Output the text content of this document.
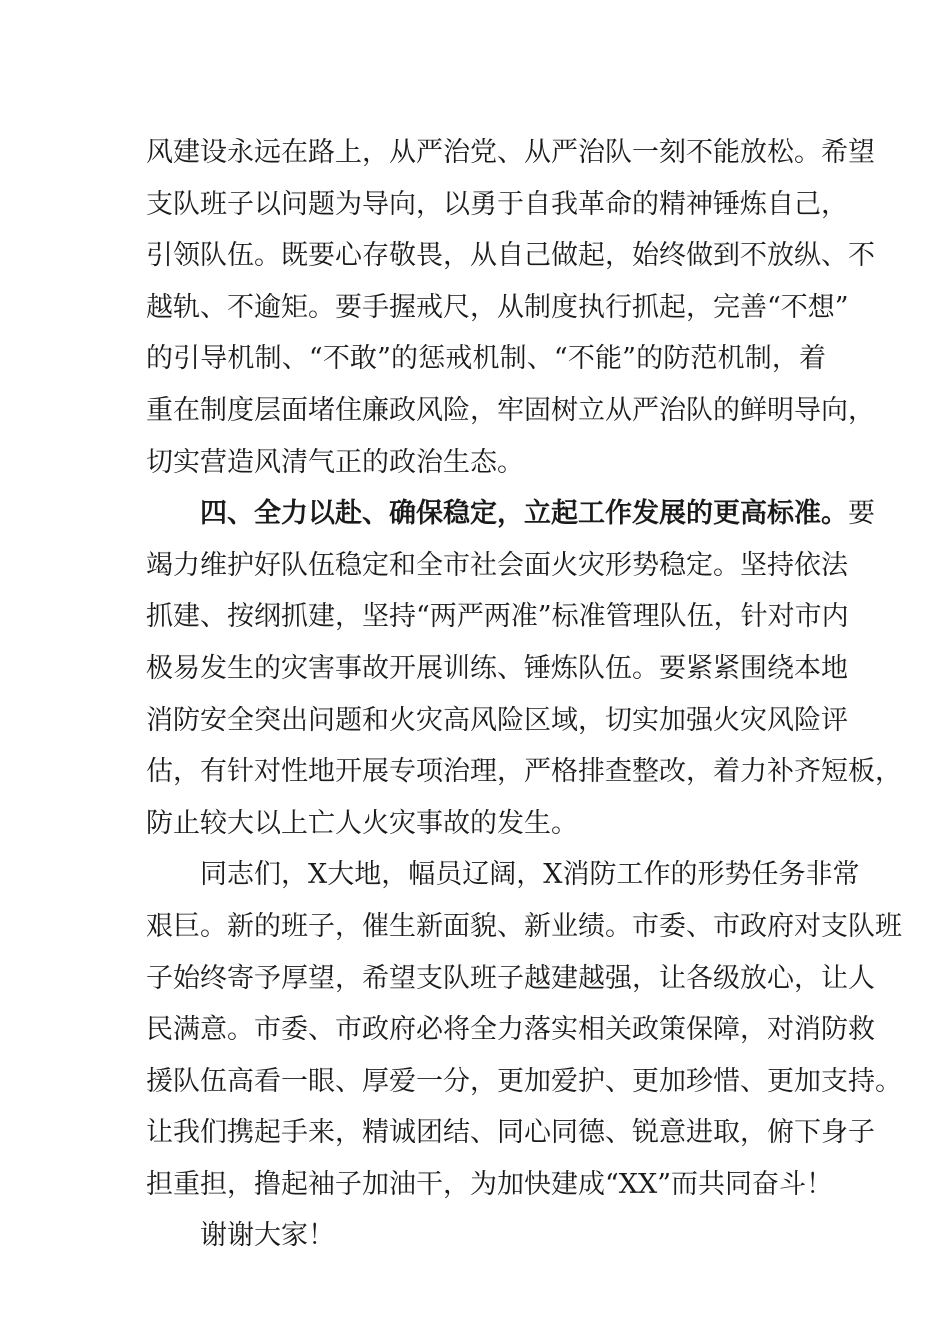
风建设永远在路上，从严治党、从严治队一刻不能放松。希望
支队班子以问题为导向，以勇于自我革命的精神锤炼自己，
引领队伍。既要心存敬畏，从自己做起，始终做到不放纵、不
越轨、不逾矩。要手握戒尺，从制度执行抓起，完善“不想”
的引导机制、“不敢”的惩戒机制、“不能”的防范机制，着
重在制度层面堵住廉政风险，牢固树立从严治队的鲜明导向，
切实营造风清气正的政治生态。
四、全力以赴、确保稳定，立起工作发展的更高标准。要
竭力维护好队伍稳定和全市社会面火灾形势稳定。坚持依法
抓建、按纲抓建，坚持“两严两准”标准管理队伍，针对市内
极易发生的灾害事故开展训练、锤炼队伍。要紧紧围绕本地
消防安全突出问题和火灾高风险区域，切实加强火灾风险评
估，有针对性地开展专项治理，严格排查整改，着力补齐短板，
防止较大以上亡人火灾事故的发生。
同志们，X大地，幅员辽阔，X消防工作的形势任务非常
艰巨。新的班子，催生新面貌、新业绩。市委、市政府对支队班
子始终寄予厚望，希望支队班子越建越强，让各级放心，让人
民满意。市委、市政府必将全力落实相关政策保障，对消防救
援队伍高看一眼、厚爱一分，更加爱护、更加珍惜、更加支持。
让我们携起手来，精诚团结、同心同德、锐意进取，俯下身子
担重担，撸起袖子加油干，为加快建成“XX”而共同奋斗！
谢谢大家！
